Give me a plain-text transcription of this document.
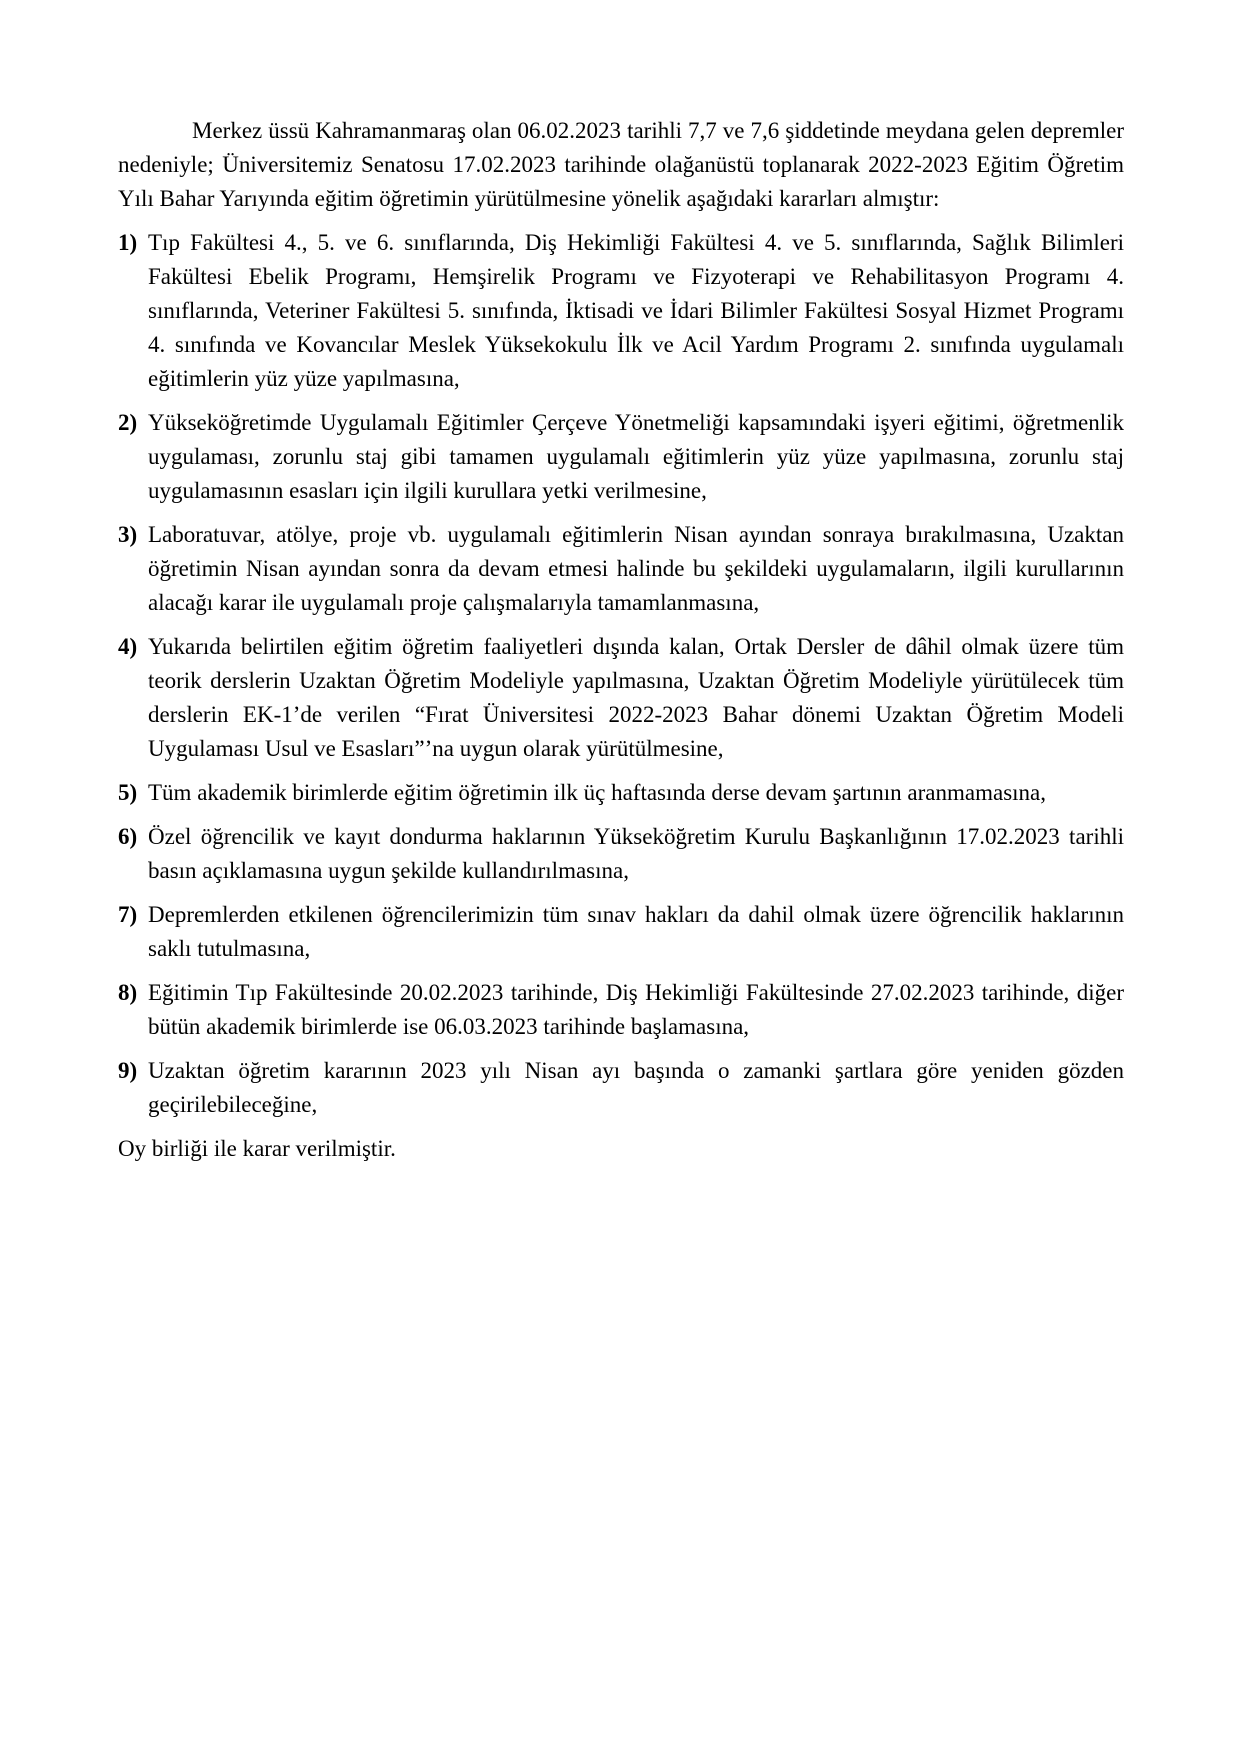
Merkez üssü Kahramanmaraş olan 06.02.2023 tarihli 7,7 ve 7,6 şiddetinde meydana gelen depremler nedeniyle; Üniversitemiz Senatosu 17.02.2023 tarihinde olağanüstü toplanarak 2022-2023 Eğitim Öğretim Yılı Bahar Yarıyında eğitim öğretimin yürütülmesine yönelik aşağıdaki kararları almıştır:

1) Tıp Fakültesi 4., 5. ve 6. sınıflarında, Diş Hekimliği Fakültesi 4. ve 5. sınıflarında, Sağlık Bilimleri Fakültesi Ebelik Programı, Hemşirelik Programı ve Fizyoterapi ve Rehabilitasyon Programı 4. sınıflarında, Veteriner Fakültesi 5. sınıfında, İktisadi ve İdari Bilimler Fakültesi Sosyal Hizmet Programı 4. sınıfında ve Kovancılar Meslek Yüksekokulu İlk ve Acil Yardım Programı 2. sınıfında uygulamalı eğitimlerin yüz yüze yapılmasına,
2) Yükseköğretimde Uygulamalı Eğitimler Çerçeve Yönetmeliği kapsamındaki işyeri eğitimi, öğretmenlik uygulaması, zorunlu staj gibi tamamen uygulamalı eğitimlerin yüz yüze yapılmasına, zorunlu staj uygulamasının esasları için ilgili kurullara yetki verilmesine,
3) Laboratuvar, atölye, proje vb. uygulamalı eğitimlerin Nisan ayından sonraya bırakılmasına, Uzaktan öğretimin Nisan ayından sonra da devam etmesi halinde bu şekildeki uygulamaların, ilgili kurullarının alacağı karar ile uygulamalı proje çalışmalarıyla tamamlanmasına,
4) Yukarıda belirtilen eğitim öğretim faaliyetleri dışında kalan, Ortak Dersler de dâhil olmak üzere tüm teorik derslerin Uzaktan Öğretim Modeliyle yapılmasına, Uzaktan Öğretim Modeliyle yürütülecek tüm derslerin EK-1’de verilen “Fırat Üniversitesi 2022-2023 Bahar dönemi Uzaktan Öğretim Modeli Uygulaması Usul ve Esasları”’na uygun olarak yürütülmesine,
5) Tüm akademik birimlerde eğitim öğretimin ilk üç haftasında derse devam şartının aranmamasına,
6) Özel öğrencilik ve kayıt dondurma haklarının Yükseköğretim Kurulu Başkanlığının 17.02.2023 tarihli basın açıklamasına uygun şekilde kullandırılmasına,
7) Depremlerden etkilenen öğrencilerimizin tüm sınav hakları da dahil olmak üzere öğrencilik haklarının saklı tutulmasına,
8) Eğitimin Tıp Fakültesinde 20.02.2023 tarihinde, Diş Hekimliği Fakültesinde 27.02.2023 tarihinde, diğer bütün akademik birimlerde ise 06.03.2023 tarihinde başlamasına,
9) Uzaktan öğretim kararının 2023 yılı Nisan ayı başında o zamanki şartlara göre yeniden gözden geçirilebileceğine,

Oy birliği ile karar verilmiştir.
